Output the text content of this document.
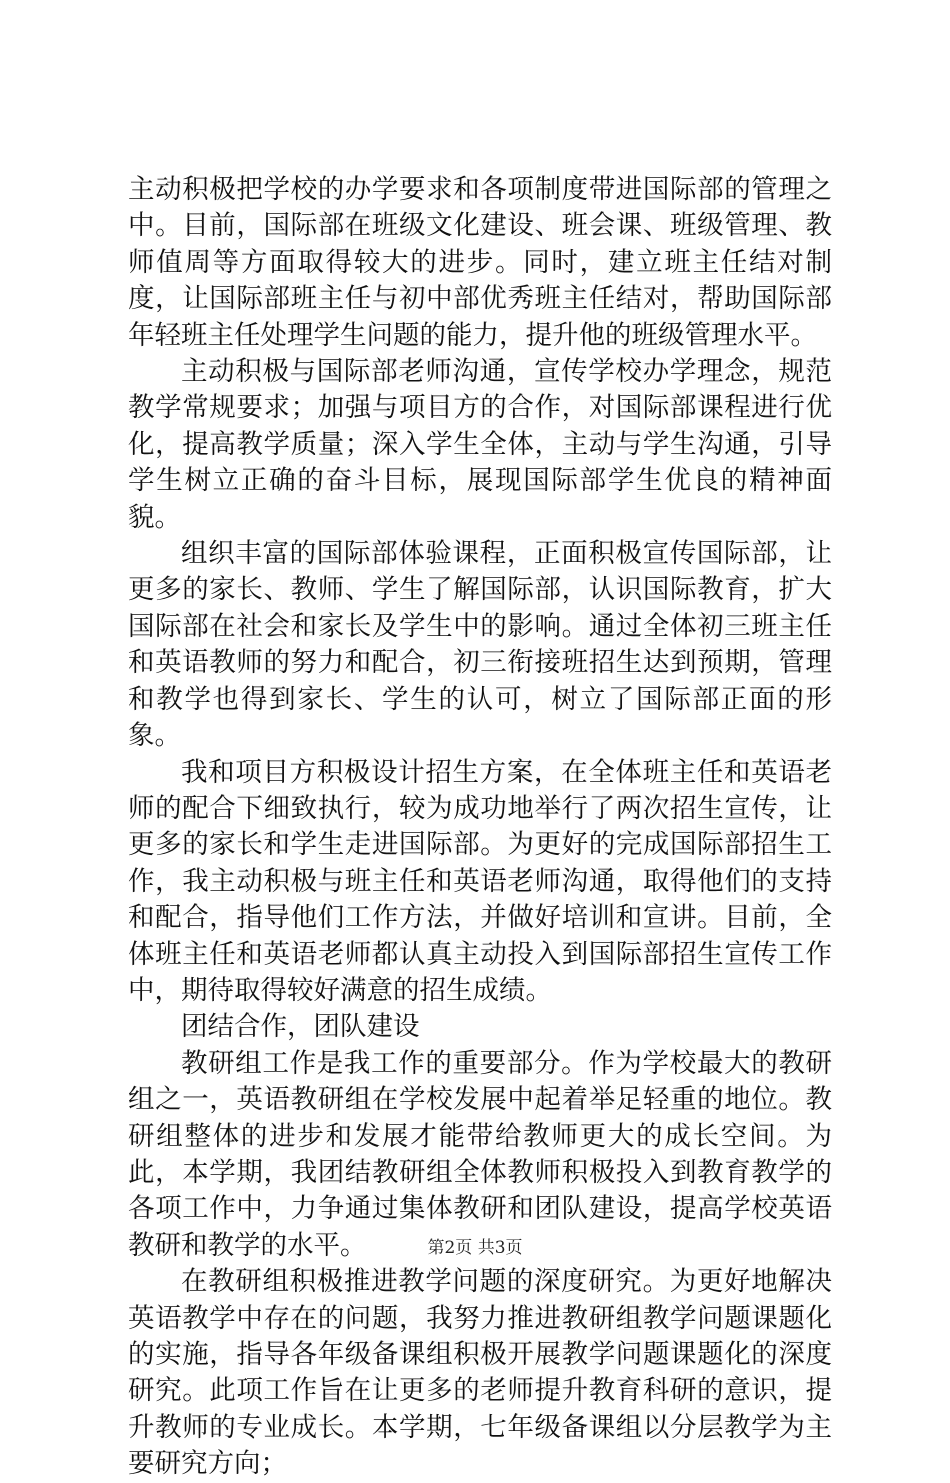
主动积极把学校的办学要求和各项制度带进国际部的管理之中。目前，国际部在班级文化建设、班会课、班级管理、教师值周等方面取得较大的进步。同时，建立班主任结对制度，让国际部班主任与初中部优秀班主任结对，帮助国际部年轻班主任处理学生问题的能力，提升他的班级管理水平。

主动积极与国际部老师沟通，宣传学校办学理念，规范教学常规要求；加强与项目方的合作，对国际部课程进行优化，提高教学质量；深入学生全体，主动与学生沟通，引导学生树立正确的奋斗目标，展现国际部学生优良的精神面貌。

组织丰富的国际部体验课程，正面积极宣传国际部，让更多的家长、教师、学生了解国际部，认识国际教育，扩大国际部在社会和家长及学生中的影响。通过全体初三班主任和英语教师的努力和配合，初三衔接班招生达到预期，管理和教学也得到家长、学生的认可，树立了国际部正面的形象。

我和项目方积极设计招生方案，在全体班主任和英语老师的配合下细致执行，较为成功地举行了两次招生宣传，让更多的家长和学生走进国际部。为更好的完成国际部招生工作，我主动积极与班主任和英语老师沟通，取得他们的支持和配合，指导他们工作方法，并做好培训和宣讲。目前，全体班主任和英语老师都认真主动投入到国际部招生宣传工作中，期待取得较好满意的招生成绩。

团结合作，团队建设

教研组工作是我工作的重要部分。作为学校最大的教研组之一，英语教研组在学校发展中起着举足轻重的地位。教研组整体的进步和发展才能带给教师更大的成长空间。为此，本学期，我团结教研组全体教师积极投入到教育教学的各项工作中，力争通过集体教研和团队建设，提高学校英语教研和教学的水平。

在教研组积极推进教学问题的深度研究。为更好地解决英语教学中存在的问题，我努力推进教研组教学问题课题化的实施，指导各年级备课组积极开展教学问题课题化的深度研究。此项工作旨在让更多的老师提升教育科研的意识，提升教师的专业成长。本学期，七年级备课组以分层教学为主要研究方向；

第2页 共3页
